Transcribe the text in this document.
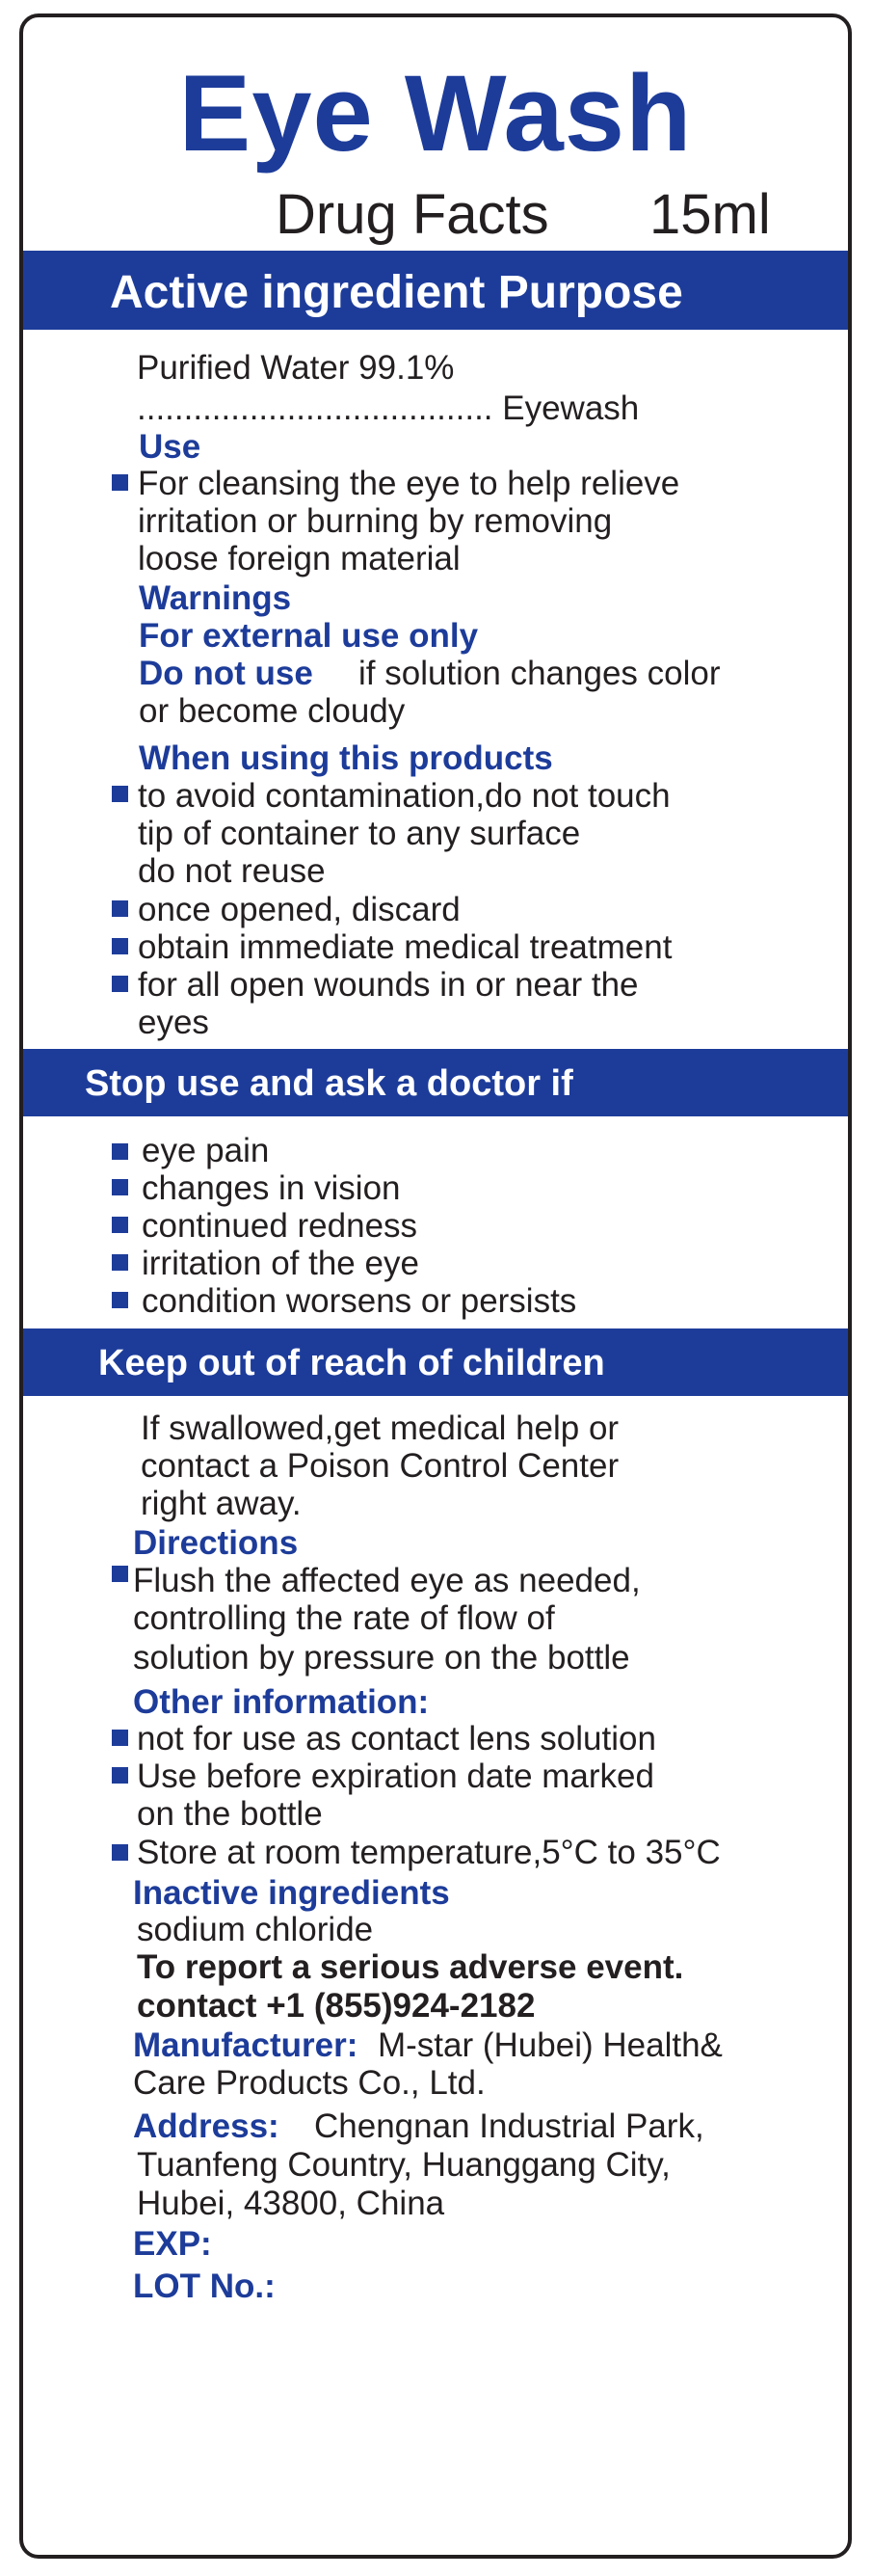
Eye Wash
Drug Facts 15ml
Active ingredient Purpose
Purified Water 99.1%
...................................... Eyewash
Use
For cleansing the eye to help relieve
irritation or burning by removing
loose foreign material
Warnings
For external use only
Do not use if solution changes color
or become cloudy
When using this products
to avoid contamination,do not touch
tip of container to any surface
do not reuse
once opened, discard
obtain immediate medical treatment
for all open wounds in or near the
eyes
Stop use and ask a doctor if
eye pain
changes in vision
continued redness
irritation of the eye
condition worsens or persists
Keep out of reach of children
If swallowed,get medical help or
contact a Poison Control Center
right away.
Directions
Flush the affected eye as needed,
controlling the rate of flow of
solution by pressure on the bottle
Other information:
not for use as contact lens solution
Use before expiration date marked
on the bottle
Store at room temperature,5°C to 35°C
Inactive ingredients
sodium chloride
To report a serious adverse event.
contact +1 (855)924-2182
Manufacturer: M-star (Hubei) Health&
Care Products Co., Ltd.
Address: Chengnan Industrial Park,
Tuanfeng Country, Huanggang City,
Hubei, 43800, China
EXP:
LOT No.:
